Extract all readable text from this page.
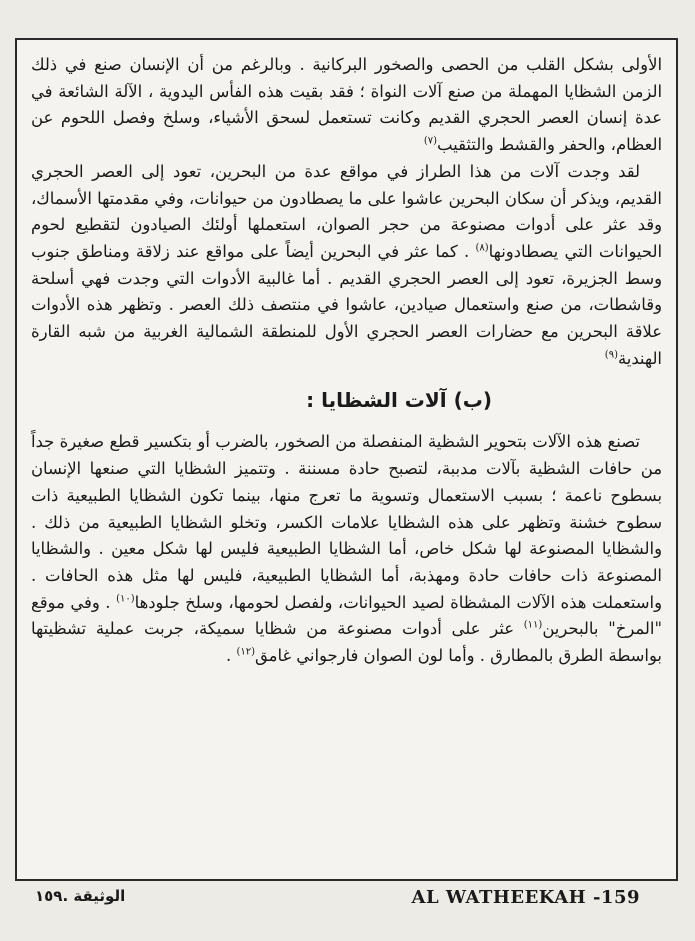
الأولى بشكل القلب من الحصى والصخور البركانية . وبالرغم من أن الإنسان صنع في ذلك الزمن الشظايا المهملة من صنع آلات النواة ؛ فقد بقيت هذه الفأس اليدوية ، الآلة الشائعة في عدة إنسان العصر الحجري القديم وكانت تستعمل لسحق الأشياء، وسلخ وفصل اللحوم عن العظام، والحفر والقشط والتثقيب$^{(٧)}$

لقد وجدت آلات من هذا الطراز في مواقع عدة من البحرين، تعود إلى العصر الحجري القديم، ويذكر أن سكان البحرين عاشوا على ما يصطادون من حيوانات، وفي مقدمتها الأسماك، وقد عثر على أدوات مصنوعة من حجر الصوان، استعملها أولئك الصيادون لتقطيع لحوم الحيوانات التي يصطادونها$^{(٨)}$ . كما عثر في البحرين أيضاً على مواقع عند زلاقة ومناطق جنوب وسط الجزيرة، تعود إلى العصر الحجري القديم . أما غالبية الأدوات التي وجدت فهي أسلحة وقاشطات، من صنع واستعمال صيادين، عاشوا في منتصف ذلك العصر . وتظهر هذه الأدوات علاقة البحرين مع حضارات العصر الحجري الأول للمنطقة الشمالية الغربية من شبه القارة الهندية$^{(٩)}$

(ب) آلات الشظايا :

تصنع هذه الآلات بتحوير الشظية المنفصلة من الصخور، بالضرب أو بتكسير قطع صغيرة جداً من حافات الشظية بآلات مدببة، لتصبح حادة مسننة . وتتميز الشظايا التي صنعها الإنسان بسطوح ناعمة ؛ بسبب الاستعمال وتسوية ما تعرج منها، بينما تكون الشظايا الطبيعية ذات سطوح خشنة وتظهر على هذه الشظايا علامات الكسر، وتخلو الشظايا الطبيعية من ذلك . والشظايا المصنوعة لها شكل خاص، أما الشظايا الطبيعية فليس لها شكل معين . والشظايا المصنوعة ذات حافات حادة ومهذبة، أما الشظايا الطبيعية، فليس لها مثل هذه الحافات . واستعملت هذه الآلات المشظاة لصيد الحيوانات، ولفصل لحومها، وسلخ جلودها$^{(١٠)}$ . وفي موقع "المرخ" بالبحرين$^{(١١)}$ عثر على أدوات مصنوعة من شظايا سميكة، جربت عملية تشظيتها بواسطة الطرق بالمطارق . وأما لون الصوان فارجواني غامق$^{(١٢)}$ .

الوثيقة .١٥٩	AL WATHEEKAH -159
